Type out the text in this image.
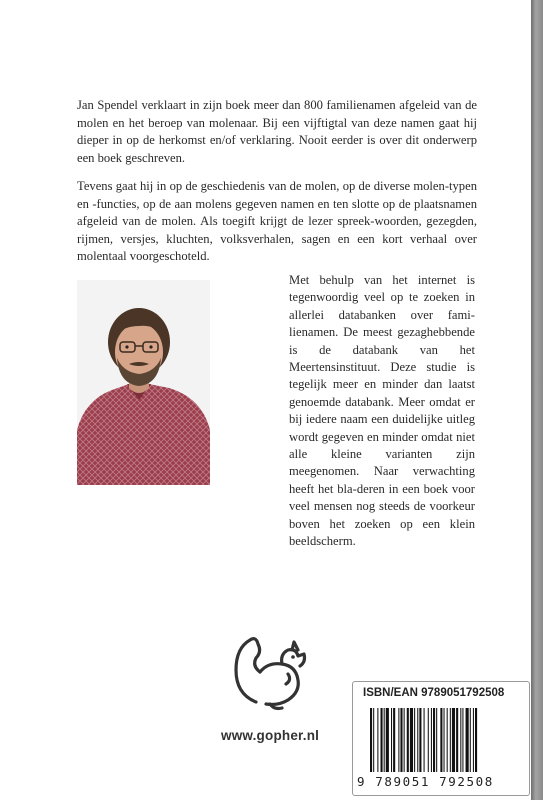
Jan Spendel verklaart in zijn boek meer dan 800 familienamen afgeleid van de molen en het beroep van molenaar. Bij een vijftigtal van deze namen gaat hij dieper in op de herkomst en/of verklaring. Nooit eerder is over dit onderwerp een boek geschreven.

Tevens gaat hij in op de geschiedenis van de molen, op de diverse molen-typen en -functies, op de aan molens gegeven namen en ten slotte op de plaatsnamen afgeleid van de molen. Als toegift krijgt de lezer spreek-woorden, gezegden, rijmen, versjes, kluchten, volksverhalen, sagen en een kort verhaal over molentaal voorgeschoteld.

Met behulp van het internet is tegenwoordig veel op te zoeken in allerlei databanken over fami-lienamen. De meest gezaghebbende is de databank van het Meertensinstituut. Deze studie is tegelijk meer en minder dan laatst genoemde databank. Meer omdat er bij iedere naam een duidelijke uitleg wordt gegeven en minder omdat niet alle kleine varianten zijn meegenomen. Naar verwachting heeft het bla-deren in een boek voor veel mensen nog steeds de voorkeur boven het zoeken op een klein beeldscherm.

www.gopher.nl
ISBN/EAN 9789051792508
9 789051 792508
